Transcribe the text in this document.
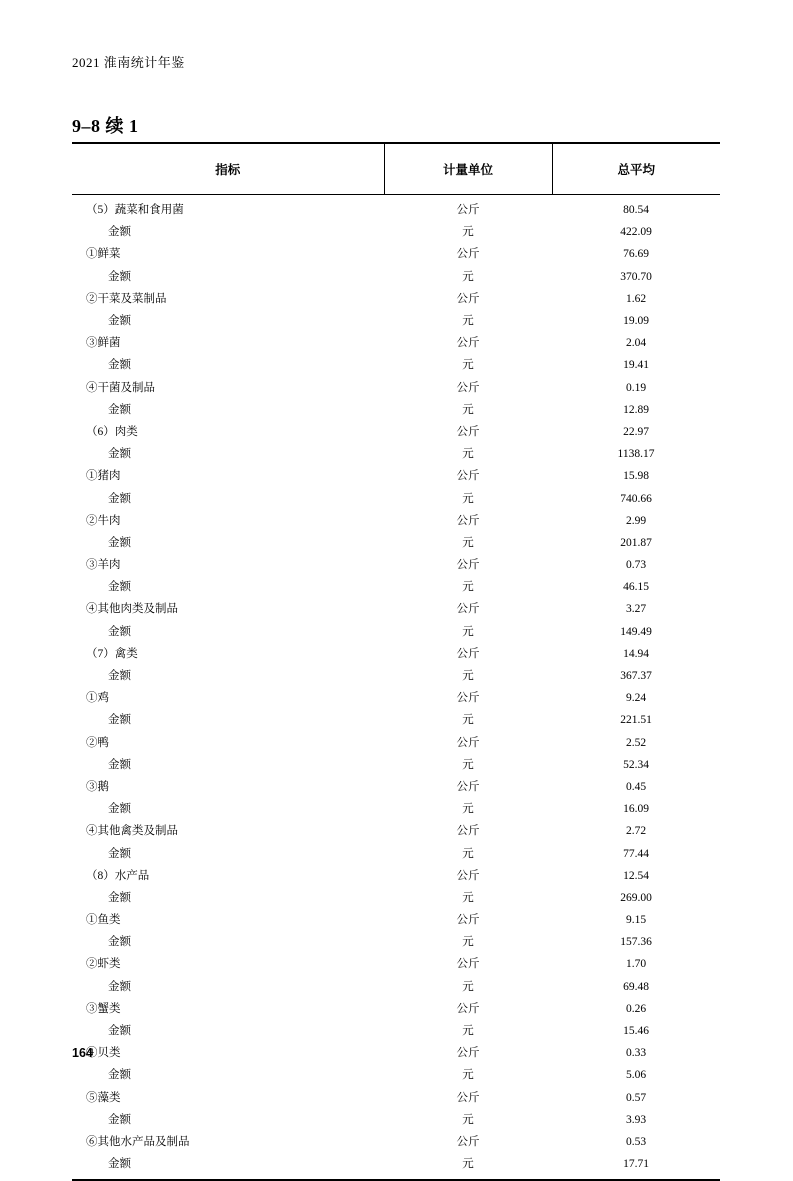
2021 淮南统计年鉴
9–8 续 1
指标	计量单位	总平均
（5）蔬菜和食用菌	公斤	80.54
金额	元	422.09
①鲜菜	公斤	76.69
金额	元	370.70
②干菜及菜制品	公斤	1.62
金额	元	19.09
③鲜菌	公斤	2.04
金额	元	19.41
④干菌及制品	公斤	0.19
金额	元	12.89
（6）肉类	公斤	22.97
金额	元	1138.17
①猪肉	公斤	15.98
金额	元	740.66
②牛肉	公斤	2.99
金额	元	201.87
③羊肉	公斤	0.73
金额	元	46.15
④其他肉类及制品	公斤	3.27
金额	元	149.49
（7）禽类	公斤	14.94
金额	元	367.37
①鸡	公斤	9.24
金额	元	221.51
②鸭	公斤	2.52
金额	元	52.34
③鹅	公斤	0.45
金额	元	16.09
④其他禽类及制品	公斤	2.72
金额	元	77.44
（8）水产品	公斤	12.54
金额	元	269.00
①鱼类	公斤	9.15
金额	元	157.36
②虾类	公斤	1.70
金额	元	69.48
③蟹类	公斤	0.26
金额	元	15.46
④贝类	公斤	0.33
金额	元	5.06
⑤藻类	公斤	0.57
金额	元	3.93
⑥其他水产品及制品	公斤	0.53
金额	元	17.71
164
